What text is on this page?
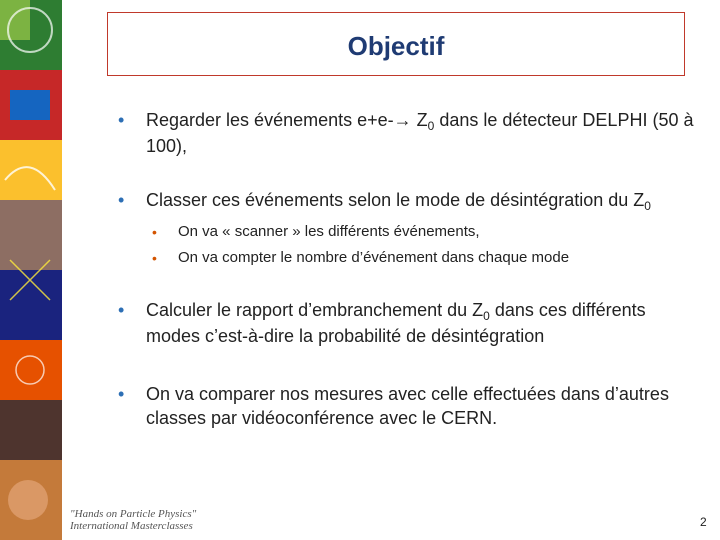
Objectif
• Regarder les événements $e+e-\to Z_0$ dans le détecteur DELPHI (50 à 100),
• Classer ces événements selon le mode de désintégration du $Z_0$
• On va « scanner » les différents événements,
• On va compter le nombre d’événement dans chaque mode
• Calculer le rapport d’embranchement du $Z_0$ dans ces différents modes c’est-à-dire la probabilité de désintégration
• On va comparer nos mesures avec celle effectuées dans d’autres classes par vidéoconférence avec le CERN.
"Hands on Particle Physics"
International Masterclasses	2
